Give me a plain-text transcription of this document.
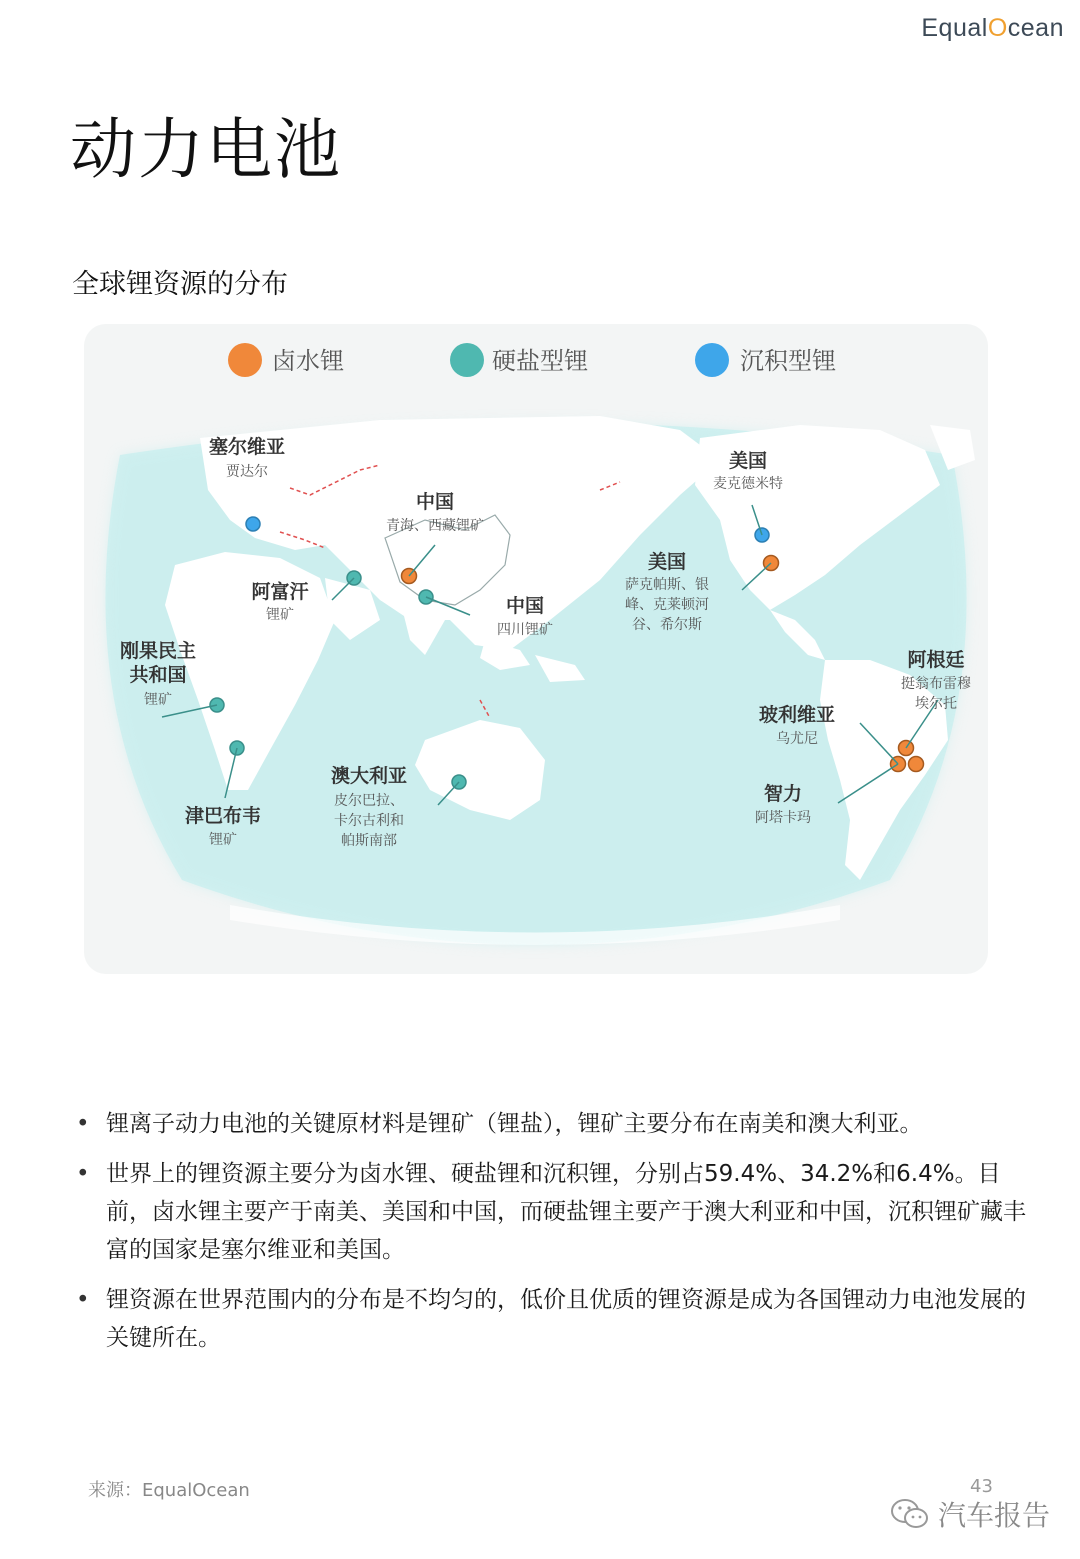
EqualOcean
动力电池
全球锂资源的分布
卤水锂	硬盐型锂	沉积型锂
塞尔维亚
贾达尔
中国
青海、西藏锂矿
阿富汗
锂矿	中国
四川锂矿
美国
麦克德米特
美国
萨克帕斯、银
峰、克莱顿河
谷、希尔斯
刚果民主
共和国
锂矿
津巴布韦
锂矿
澳大利亚
皮尔巴拉、
卡尔古利和
帕斯南部
阿根廷
挺翁布雷穆
埃尔托
玻利维亚
乌尤尼
智力
阿塔卡玛
• 锂离子动力电池的关键原材料是锂矿（锂盐），锂矿主要分布在南美和澳大利亚。
• 世界上的锂资源主要分为卤水锂、硬盐锂和沉积锂，分别占59.4%、34.2%和6.4%。目前，卤水锂主要产于南美、美国和中国，而硬盐锂主要产于澳大利亚和中国，沉积锂矿藏丰富的国家是塞尔维亚和美国。
• 锂资源在世界范围内的分布是不均匀的，低价且优质的锂资源是成为各国锂动力电池发展的关键所在。
来源：EqualOcean	43
汽车报告
